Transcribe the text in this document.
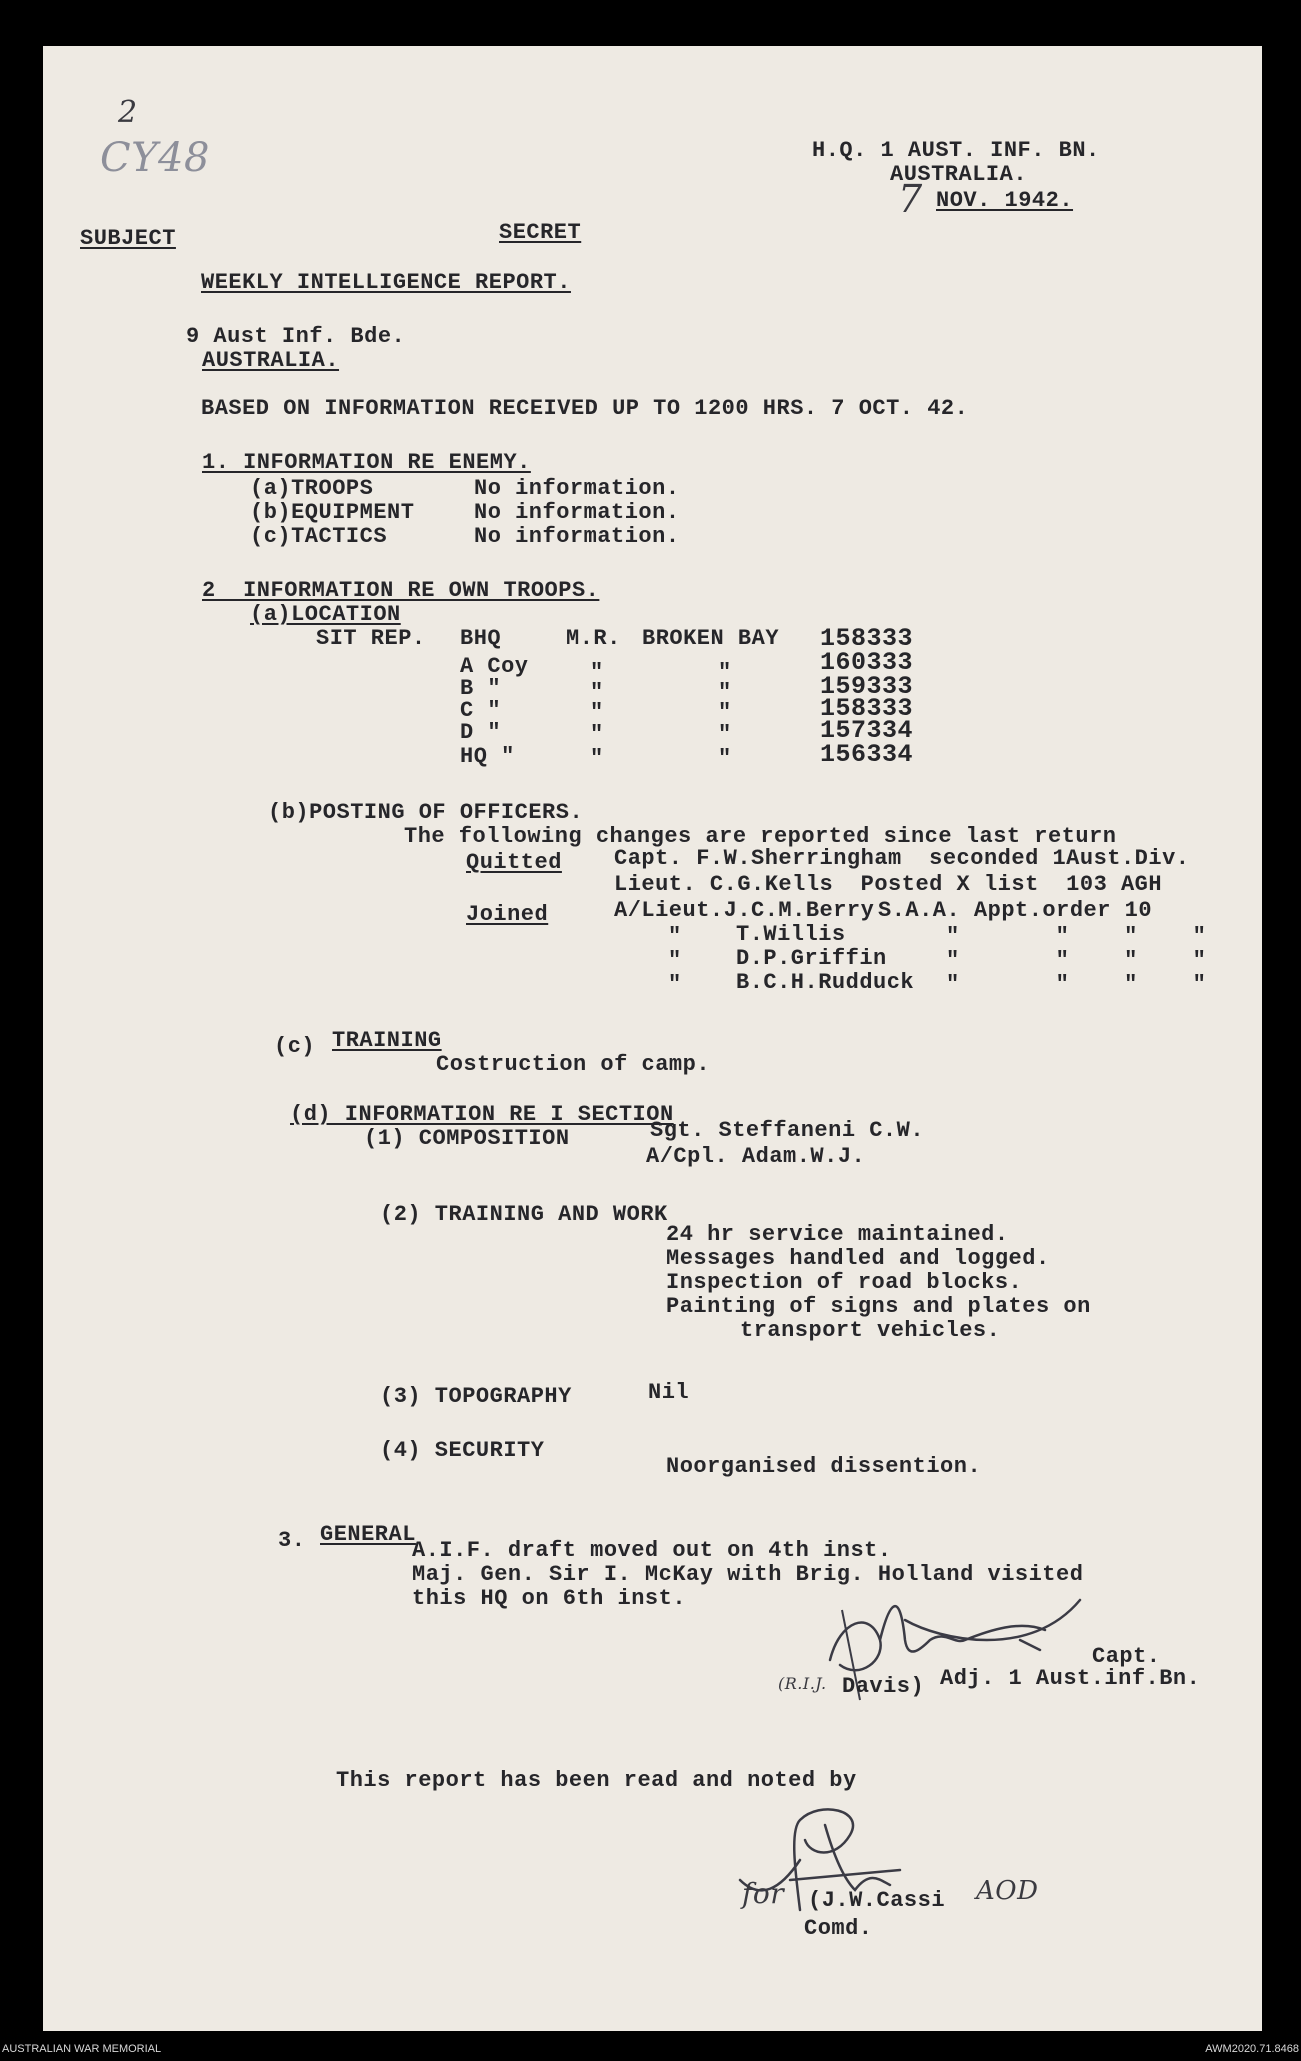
2
CY48	H.Q. 1 AUST. INF. BN.
AUSTRALIA.
7 NOV. 1942.
SUBJECT	SECRET
WEEKLY INTELLIGENCE REPORT.
9 Aust Inf. Bde.
AUSTRALIA.
BASED ON INFORMATION RECEIVED UP TO 1200 HRS. 7 OCT. 42.
1. INFORMATION RE ENEMY.
(a)TROOPS	No information.
(b)EQUIPMENT	No information.
(c)TACTICS	No information.
2  INFORMATION RE OWN TROOPS.
(a)LOCATION
SIT REP. BHQ	M.R. BROKEN BAY 158333
A Coy	"	"	160333
B "	"	"	159333
C "	"	"	158333
D "	"	"	157334
HQ "	"	"	156334
(b)POSTING OF OFFICERS.
The following changes are reported since last return
Quitted Capt. F.W.Sherringham  seconded 1Aust.Div.
Lieut. C.G.Kells  Posted X list  103 AGH
Joined	A/Lieut.J.C.M.Berry S.A.A. Appt.order 10
" T.Willis	"       "    "    "
" D.P.Griffin	"       "    "    "
" B.C.H.Rudduck "       "    "    "
(c) TRAINING
Costruction of camp.
(d) INFORMATION RE I SECTION
(1) COMPOSITION	Sgt. Steffaneni C.W.
A/Cpl. Adam.W.J.
(2) TRAINING AND WORK
24 hr service maintained.
Messages handled and logged.
Inspection of road blocks.
Painting of signs and plates on
transport vehicles.
(3) TOPOGRAPHY	Nil
(4) SECURITY
Noorganised dissention.
3. GENERAL
A.I.F. draft moved out on 4th inst.
Maj. Gen. Sir I. McKay with Brig. Holland visited
this HQ on 6th inst.
Capt.
(R.I.J. Davis) Adj. 1 Aust.inf.Bn.
This report has been read and noted by
for (J.W.Cassi AOD
Comd.
AUSTRALIAN WAR MEMORIAL	AWM2020.71.8468
